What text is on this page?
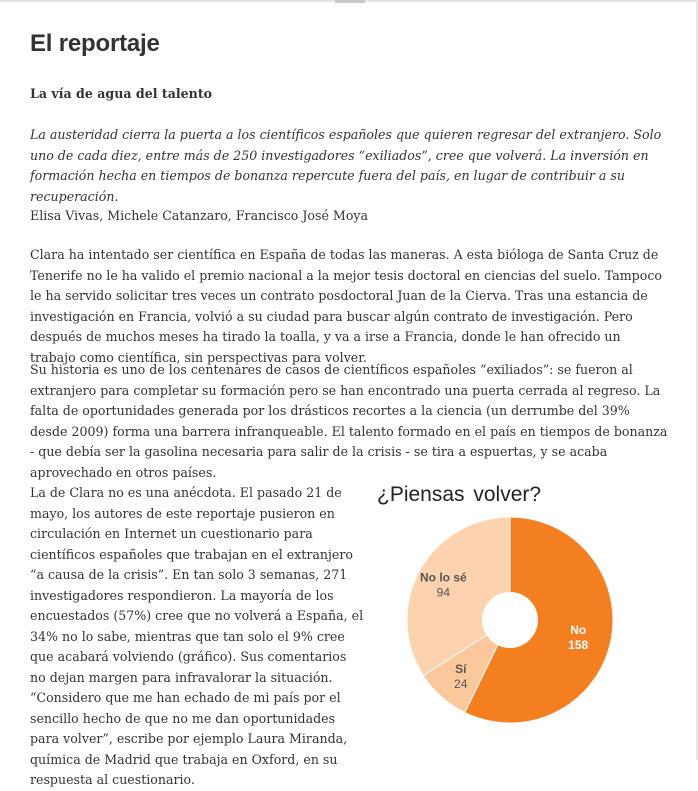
El reportaje

La vía de agua del talento

La austeridad cierra la puerta a los científicos españoles que quieren regresar del extranjero. Solo uno de cada diez, entre más de 250 investigadores “exiliados”, cree que volverá. La inversión en formación hecha en tiempos de bonanza repercute fuera del país, en lugar de contribuir a su recuperación.

Elisa Vivas, Michele Catanzaro, Francisco José Moya

Clara ha intentado ser científica en España de todas las maneras. A esta bióloga de Santa Cruz de Tenerife no le ha valido el premio nacional a la mejor tesis doctoral en ciencias del suelo. Tampoco le ha servido solicitar tres veces un contrato posdoctoral Juan de la Cierva. Tras una estancia de investigación en Francia, volvió a su ciudad para buscar algún contrato de investigación. Pero después de muchos meses ha tirado la toalla, y va a irse a Francia, donde le han ofrecido un trabajo como científica, sin perspectivas para volver.

Su historia es uno de los centenares de casos de científicos españoles “exiliados”: se fueron al extranjero para completar su formación pero se han encontrado una puerta cerrada al regreso. La falta de oportunidades generada por los drásticos recortes a la ciencia (un derrumbe del 39% desde 2009) forma una barrera infranqueable. El talento formado en el país en tiempos de bonanza - que debía ser la gasolina necesaria para salir de la crisis - se tira a espuertas, y se acaba aprovechado en otros países.

La de Clara no es una anécdota. El pasado 21 de mayo, los autores de este reportaje pusieron en circulación en Internet un cuestionario para científicos españoles que trabajan en el extranjero “a causa de la crisis”. En tan solo 3 semanas, 271 investigadores respondieron. La mayoría de los encuestados (57%) cree que no volverá a España, el 34% no lo sabe, mientras que tan solo el 9% cree que acabará volviendo (gráfico). Sus comentarios no dejan margen para infravalorar la situación. “Considero que me han echado de mi país por el sencillo hecho de que no me dan oportunidades para volver”, escribe por ejemplo Laura Miranda, química de Madrid que trabaja en Oxford, en su respuesta al cuestionario.

No
158
Sí
24
No lo sé
94

¿Piensas volver?
